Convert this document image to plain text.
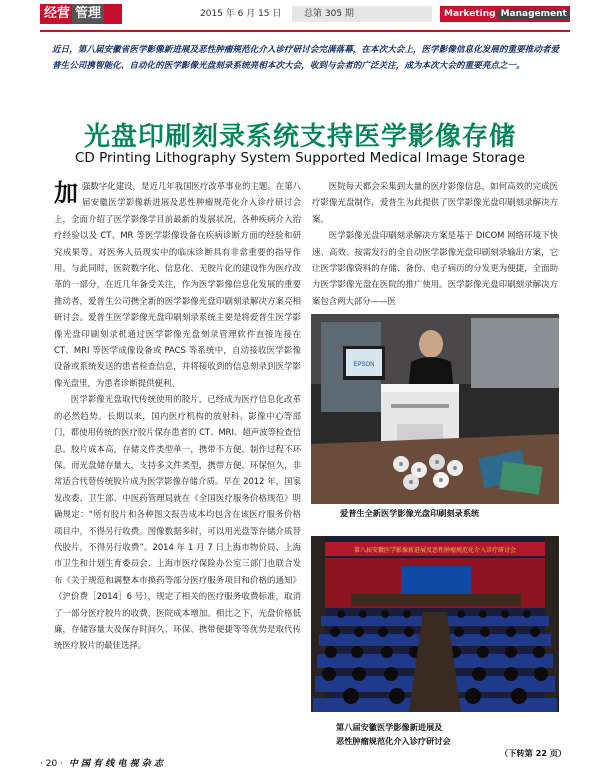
经营 管理	2015 年 6 月 15 日	总第 305 期	Marketing Management
近日，第八届安徽省医学影像新进展及恶性肿瘤规范化介入诊疗研讨会完满落幕，在本次大会上，医学影像信息化发展的重要推动者爱普生公司携智能化、自动化的医学影像光盘刻录系统亮相本次大会，收到与会者的广泛关注，成为本次大会的重要亮点之一。
光盘印刷刻录系统支持医学影像存储
CD Printing Lithography System Supported Medical Image Storage

加强数字化建设，是近几年我国医疗改革事业的主题。在第八届安徽医学影像新进展及恶性肿瘤规范化介入诊疗研讨会上，全面介绍了医学影像学目前最新的发展状况，各种疾病介入治疗经验以及 CT、MR 等医学影像设备在疾病诊断方面的经验和研究成果等。对医务人员现实中的临床诊断具有非常重要的指导作用。与此同时，医院数字化、信息化、无胶片化的建设作为医疗改革的一部分，在近几年备受关注，作为医学影像信息化发展的重要推动者，爱普生公司携全新的医学影像光盘印刷刻录解决方案亮相研讨会。爱普生医学影像光盘印刷刻录系统主要是将爱普生医学影像光盘印刷刻录机通过医学影像光盘刻录管理软件直接连接在 CT、MRI 等医学成像设备或 PACS 等系统中，自动接收医学影像设备或系统发送的患者检查信息，并将接收到的信息刻录到医学影像光盘里，为患者诊断提供便利。

医学影像光盘取代传统使用的胶片，已经成为医疗信息化改革的必然趋势。长期以来，国内医疗机构的放射科、影像中心等部门，都使用传统的医疗胶片保存患者的 CT、MRI、超声波等检查信息。胶片成本高，存储文件类型单一，携带不方便，制作过程不环保。而光盘储存量大，支持多文件类型，携带方便，环保恒久，非常适合代替传统胶片成为医学影像存储介质。早在 2012 年，国家发改委、卫生部、中医药管理局就在《全国医疗服务价格规范》明确规定：“所有胶片和各种图文报告成本均包含在该医疗服务价格项目中，不得另行收费。图像数据多时，可以用光盘等存储介质替代胶片，不得另行收费”。2014 年 1 月 7 日上海市物价局、上海市卫生和计划生育委员会、上海市医疗保险办公室三部门也联合发布《关于规范和调整本市换药等部分医疗服务项目和价格的通知》（沪价费［2014］6 号），规定了相关的医疗服务收费标准，取消了一部分医疗胶片的收费，医院成本增加。相比之下，光盘价格低廉，存储容量大及保存时间久、环保、携带便捷等等优势是取代传统医疗胶片的最佳选择。

医院每天都会采集到大量的医疗影像信息，如何高效的完成医疗影像光盘制作，爱普生为此提供了医学影像光盘印刷刻录解决方案。

医学影像光盘印刷刻录解决方案是基于 DICOM 网络环境下快速、高效、按需发行的全自动医学影像光盘印刷刻录输出方案，它让医学影像资料的存储、备份、电子病历的分发更为便捷，全面助力医学影像光盘在医院的推广使用。医学影像光盘印刷刻录解决方案包含两大部分——医

EPSON
爱普生全新医学影像光盘印刷刻录系统
第八届安徽医学影像新进展及恶性肿瘤规范化介入诊疗研讨会
第八届安徽医学影像新进展及
恶性肿瘤规范化介入诊疗研讨会
（下转第 22 页）
· 20 · 中 国 有 线 电 视 杂 志
